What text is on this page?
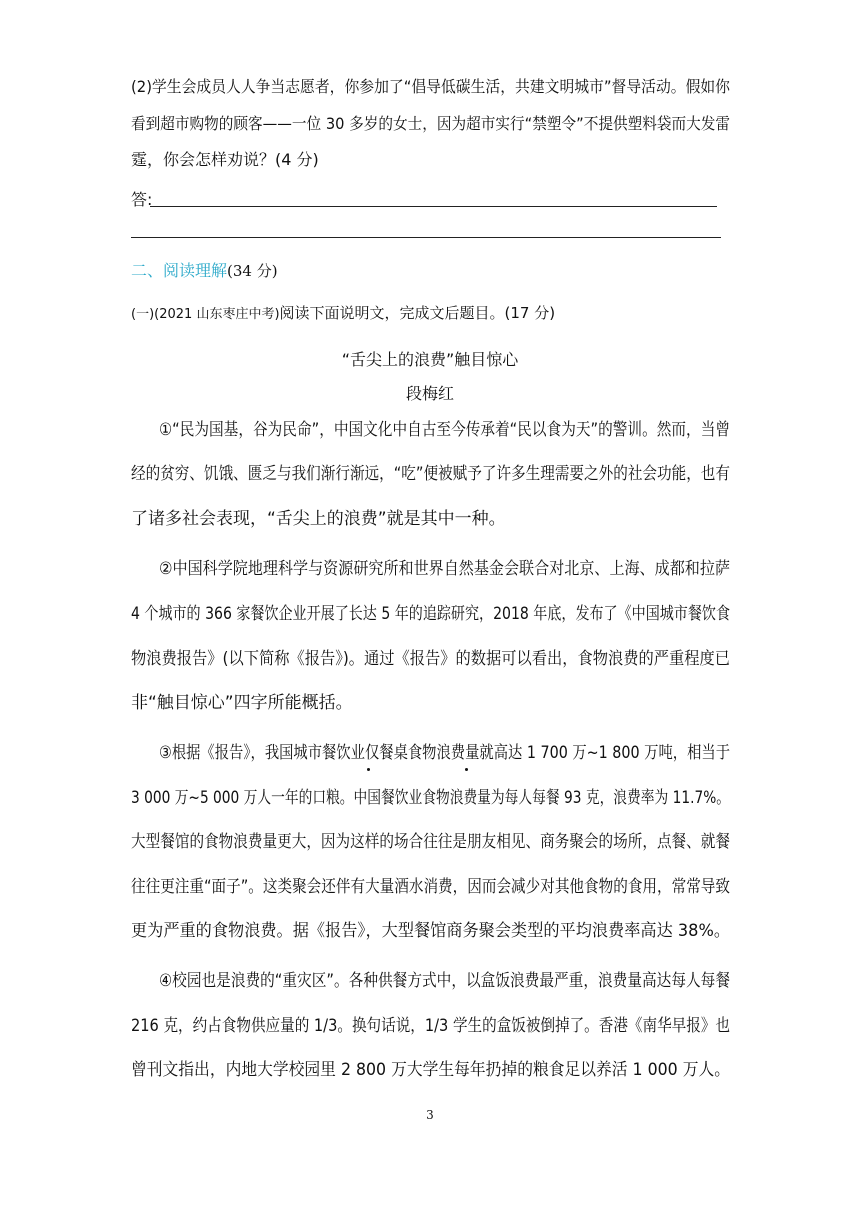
(2)学生会成员人人争当志愿者，你参加了“倡导低碳生活，共建文明城市”督导活动。假如你
看到超市购物的顾客——一位 30 多岁的女士，因为超市实行“禁塑令”不提供塑料袋而大发雷
霆，你会怎样劝说？(4 分)
答:
二、阅读理解(34 分)
(一)(2021 山东枣庄中考)阅读下面说明文，完成文后题目。(17 分)
“舌尖上的浪费”触目惊心
段梅红
①“民为国基，谷为民命”，中国文化中自古至今传承着“民以食为天”的警训。然而，当曾
经的贫穷、饥饿、匮乏与我们渐行渐远，“吃”便被赋予了许多生理需要之外的社会功能，也有
了诸多社会表现，“舌尖上的浪费”就是其中一种。
②中国科学院地理科学与资源研究所和世界自然基金会联合对北京、上海、成都和拉萨
4 个城市的 366 家餐饮企业开展了长达 5 年的追踪研究，2018 年底，发布了《中国城市餐饮食
物浪费报告》(以下简称《报告》)。通过《报告》的数据可以看出，食物浪费的严重程度已
非“触目惊心”四字所能概括。
③根据《报告》，我国城市餐饮业仅餐桌食物浪费量就高达 1 700 万~1 800 万吨，相当于
3 000 万~5 000 万人一年的口粮。中国餐饮业食物浪费量为每人每餐 93 克，浪费率为 11.7%。
大型餐馆的食物浪费量更大，因为这样的场合往往是朋友相见、商务聚会的场所，点餐、就餐
往往更注重“面子”。这类聚会还伴有大量酒水消费，因而会减少对其他食物的食用，常常导致
更为严重的食物浪费。据《报告》，大型餐馆商务聚会类型的平均浪费率高达 38%。
④校园也是浪费的“重灾区”。各种供餐方式中，以盒饭浪费最严重，浪费量高达每人每餐
216 克，约占食物供应量的 1/3。换句话说，1/3 学生的盒饭被倒掉了。香港《南华早报》也
曾刊文指出，内地大学校园里 2 800 万大学生每年扔掉的粮食足以养活 1 000 万人。
3
